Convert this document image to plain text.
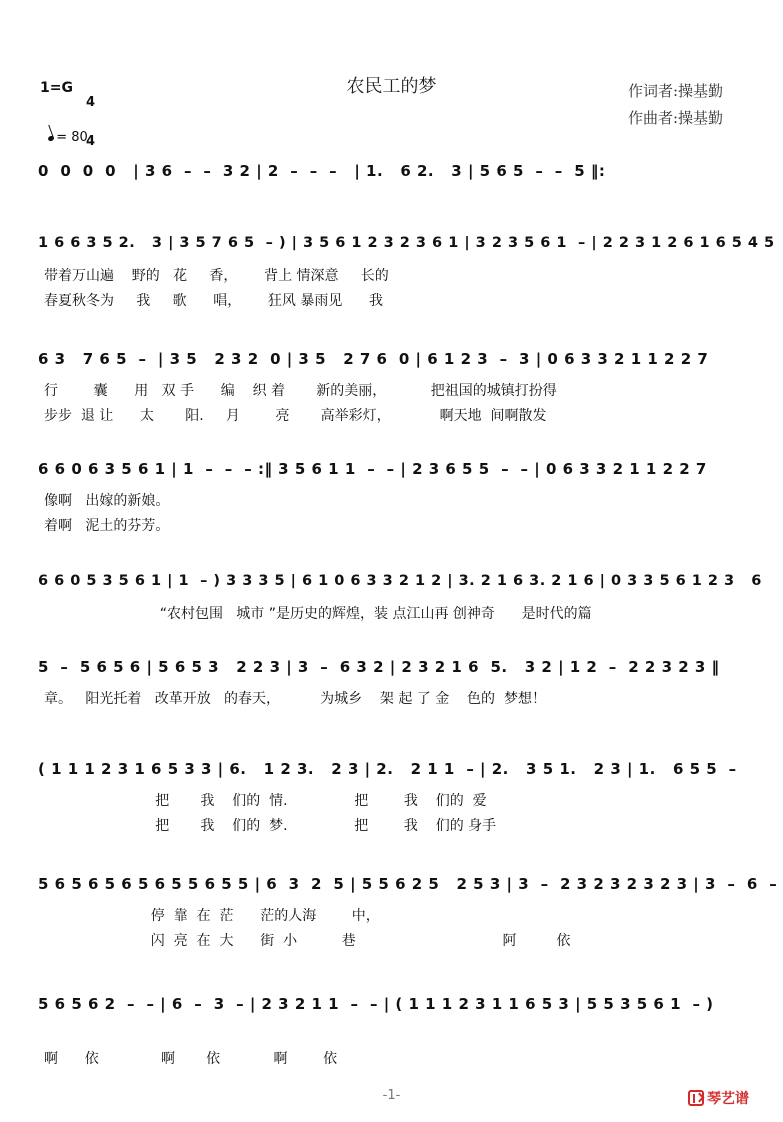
农民工的梦
1=G

4

4

= 80

作词者:操基勤
作曲者:操基勤
0  0  0  0   | 3 6  –  –  3 2 | 2  –  –  –   | 1.   6 2.   3 | 5 6 5  –  –  5 ‖:
1 6 6 3 5 2.   3 | 3 5 7 6 5  – ) | 3 5 6 1 2 3 2 3 6 1 | 3 2 3 5 6 1  – | 2 2 3 1 2 6 1 6 5 4 5
带着万山遍    野的   花     香，      背上 情深意     长的
春夏秋冬为     我     歌      唱，      狂风 暴雨见      我
6 3   7 6 5  –  | 3 5   2 3 2  0 | 3 5   2 7 6  0 | 6 1 2 3  –  3 | 0 6 3 3 2 1 1 2 2 7
行        囊      用   双 手      编    织 着       新的美丽，          把祖国的城镇打扮得
步步  退 让      太       阳.     月        亮       高举彩灯，           啊天地  间啊散发
6 6 0 6 3 5 6 1 | 1  –  –  – :‖ 3 5 6 1 1  –  – | 2 3 6 5 5  –  – | 0 6 3 3 2 1 1 2 2 7
像啊   出嫁的新娘。
着啊   泥土的芬芳。
6 6 0 5 3 5 6 1 | 1  – ) 3 3 3 5 | 6 1 0 6 3 3 2 1 2 | 3. 2 1 6 3. 2 1 6 | 0 3 3 5 6 1 2 3   6
“农村包围   城市 ”是历史的辉煌，装 点江山再 创神奇      是时代的篇
5  –  5 6 5 6 | 5 6 5 3   2 2 3 | 3  –  6 3 2 | 2 3 2 1 6  5.   3 2 | 1 2  –  2 2 3 2 3 ‖
章。   阳光托着   改革开放   的春天，         为城乡    架 起 了 金    色的  梦想！
( 1 1 1 2 3 1 6 5 3 3 | 6.   1 2 3.   2 3 | 2.   2 1 1  – | 2.   3 5 1.   2 3 | 1.   6 5 5  –
把       我    们的  情.               把        我    们的  爱
把       我    们的  梦.               把        我    们的 身手
5 6 5 6 5 6 5 6 5 5 6 5 5 | 6  3  2  5 | 5 5 6 2 5   2 5 3 | 3  –  2 3 2 3 2 3 2 3 | 3  –  6  –
停  靠  在  茫      茫的人海        中，
闪  亮  在  大      街  小          巷                                 阿         依
5 6 5 6 2  –  – | 6  –  3  – | 2 3 2 1 1  –  – | ( 1 1 1 2 3 1 1 6 5 3 | 5 5 3 5 6 1  – )
啊      依              啊       依            啊        依
-1-	琴艺谱
